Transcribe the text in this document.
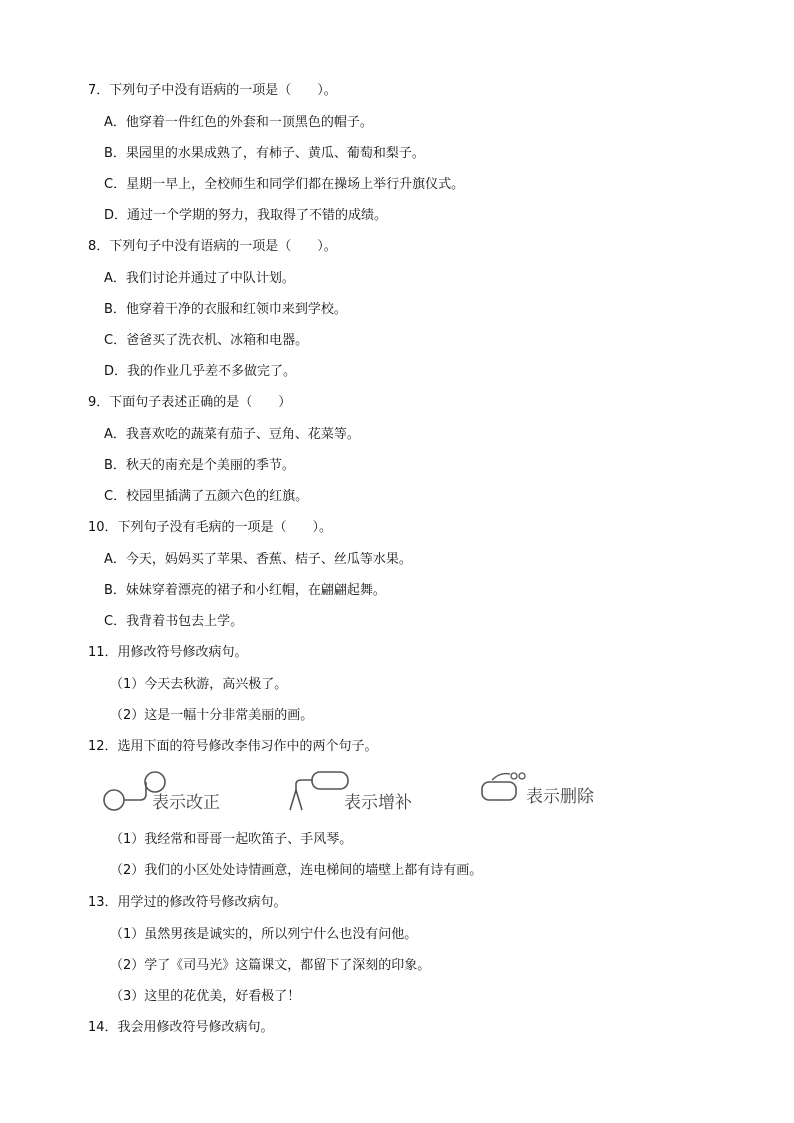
7．下列句子中没有语病的一项是（　　）。
A．他穿着一件红色的外套和一顶黑色的帽子。
B．果园里的水果成熟了，有柿子、黄瓜、葡萄和梨子。
C．星期一早上，全校师生和同学们都在操场上举行升旗仪式。
D．通过一个学期的努力，我取得了不错的成绩。
8．下列句子中没有语病的一项是（　　）。
A．我们讨论并通过了中队计划。
B．他穿着干净的衣服和红领巾来到学校。
C．爸爸买了洗衣机、冰箱和电器。
D．我的作业几乎差不多做完了。
9．下面句子表述正确的是（　　）
A．我喜欢吃的蔬菜有茄子、豆角、花菜等。
B．秋天的南充是个美丽的季节。
C．校园里插满了五颜六色的红旗。
10．下列句子没有毛病的一项是（　　）。
A．今天，妈妈买了苹果、香蕉、桔子、丝瓜等水果。
B．妹妹穿着漂亮的裙子和小红帽，在翩翩起舞。
C．我背着书包去上学。
11．用修改符号修改病句。
（1）今天去秋游，高兴极了。
（2）这是一幅十分非常美丽的画。
12．选用下面的符号修改李伟习作中的两个句子。
表示改正	表示增补	表示删除
（1）我经常和哥哥一起吹笛子、手风琴。
（2）我们的小区处处诗情画意，连电梯间的墙壁上都有诗有画。
13．用学过的修改符号修改病句。
（1）虽然男孩是诚实的，所以列宁什么也没有问他。
（2）学了《司马光》这篇课文，都留下了深刻的印象。
（3）这里的花优美，好看极了！
14．我会用修改符号修改病句。
